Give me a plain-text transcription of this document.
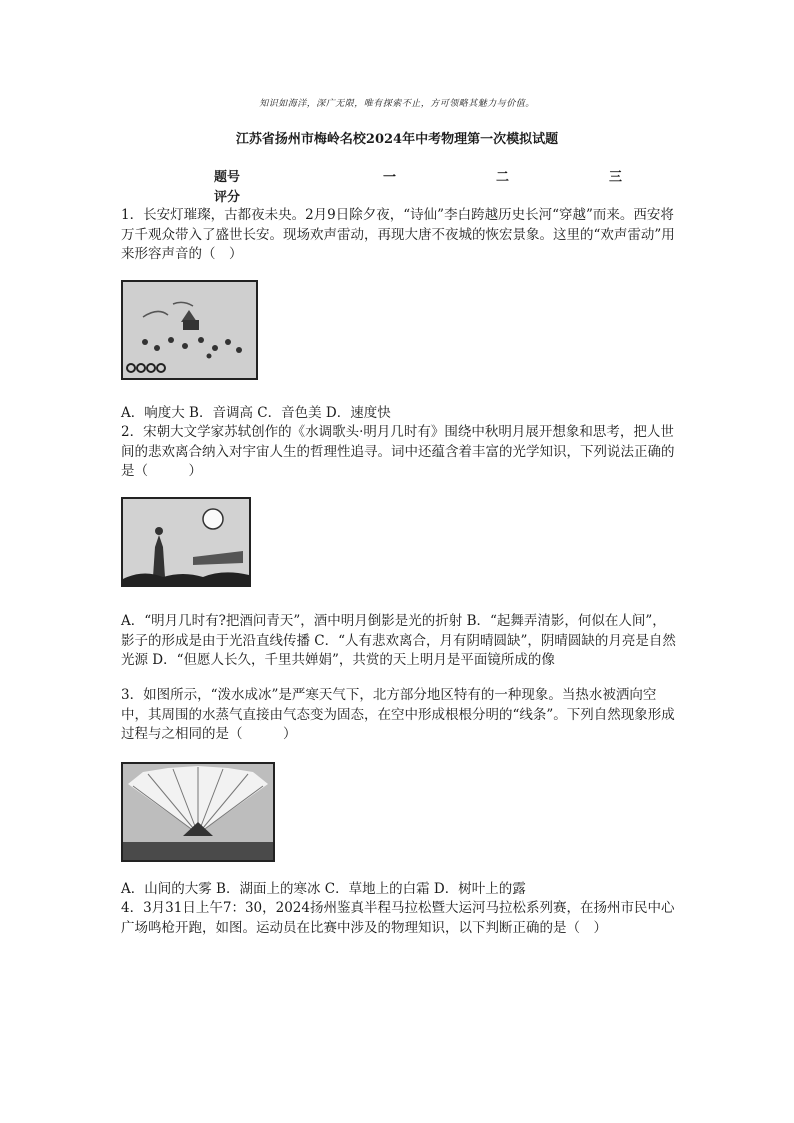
知识如海洋，深广无限，唯有探索不止，方可领略其魅力与价值。
江苏省扬州市梅岭名校2024年中考物理第一次模拟试题
题号	一	二	三
评分

1．长安灯璀璨，古都夜未央。2月9日除夕夜，“诗仙”李白跨越历史长河“穿越”而来。西安将万千观众带入了盛世长安。现场欢声雷动，再现大唐不夜城的恢宏景象。这里的“欢声雷动”用来形容声音的（　）

A．响度大 B．音调高 C．音色美 D．速度快

2．宋朝大文学家苏轼创作的《水调歌头·明月几时有》围绕中秋明月展开想象和思考，把人世间的悲欢离合纳入对宇宙人生的哲理性追寻。词中还蕴含着丰富的光学知识，下列说法正确的是（　　　）

A．“明月几时有?把酒问青天”，酒中明月倒影是光的折射 B．“起舞弄清影，何似在人间”，影子的形成是由于光沿直线传播 C．“人有悲欢离合，月有阴晴圆缺”，阴晴圆缺的月亮是自然光源 D．“但愿人长久，千里共婵娟”，共赏的天上明月是平面镜所成的像

3．如图所示，“泼水成冰”是严寒天气下，北方部分地区特有的一种现象。当热水被洒向空中，其周围的水蒸气直接由气态变为固态，在空中形成根根分明的“线条”。下列自然现象形成过程与之相同的是（　　　）

A．山间的大雾 B．湖面上的寒冰 C．草地上的白霜 D．树叶上的露

4．3月31日上午7：30，2024扬州鉴真半程马拉松暨大运河马拉松系列赛，在扬州市民中心广场鸣枪开跑，如图。运动员在比赛中涉及的物理知识，以下判断正确的是（　）
